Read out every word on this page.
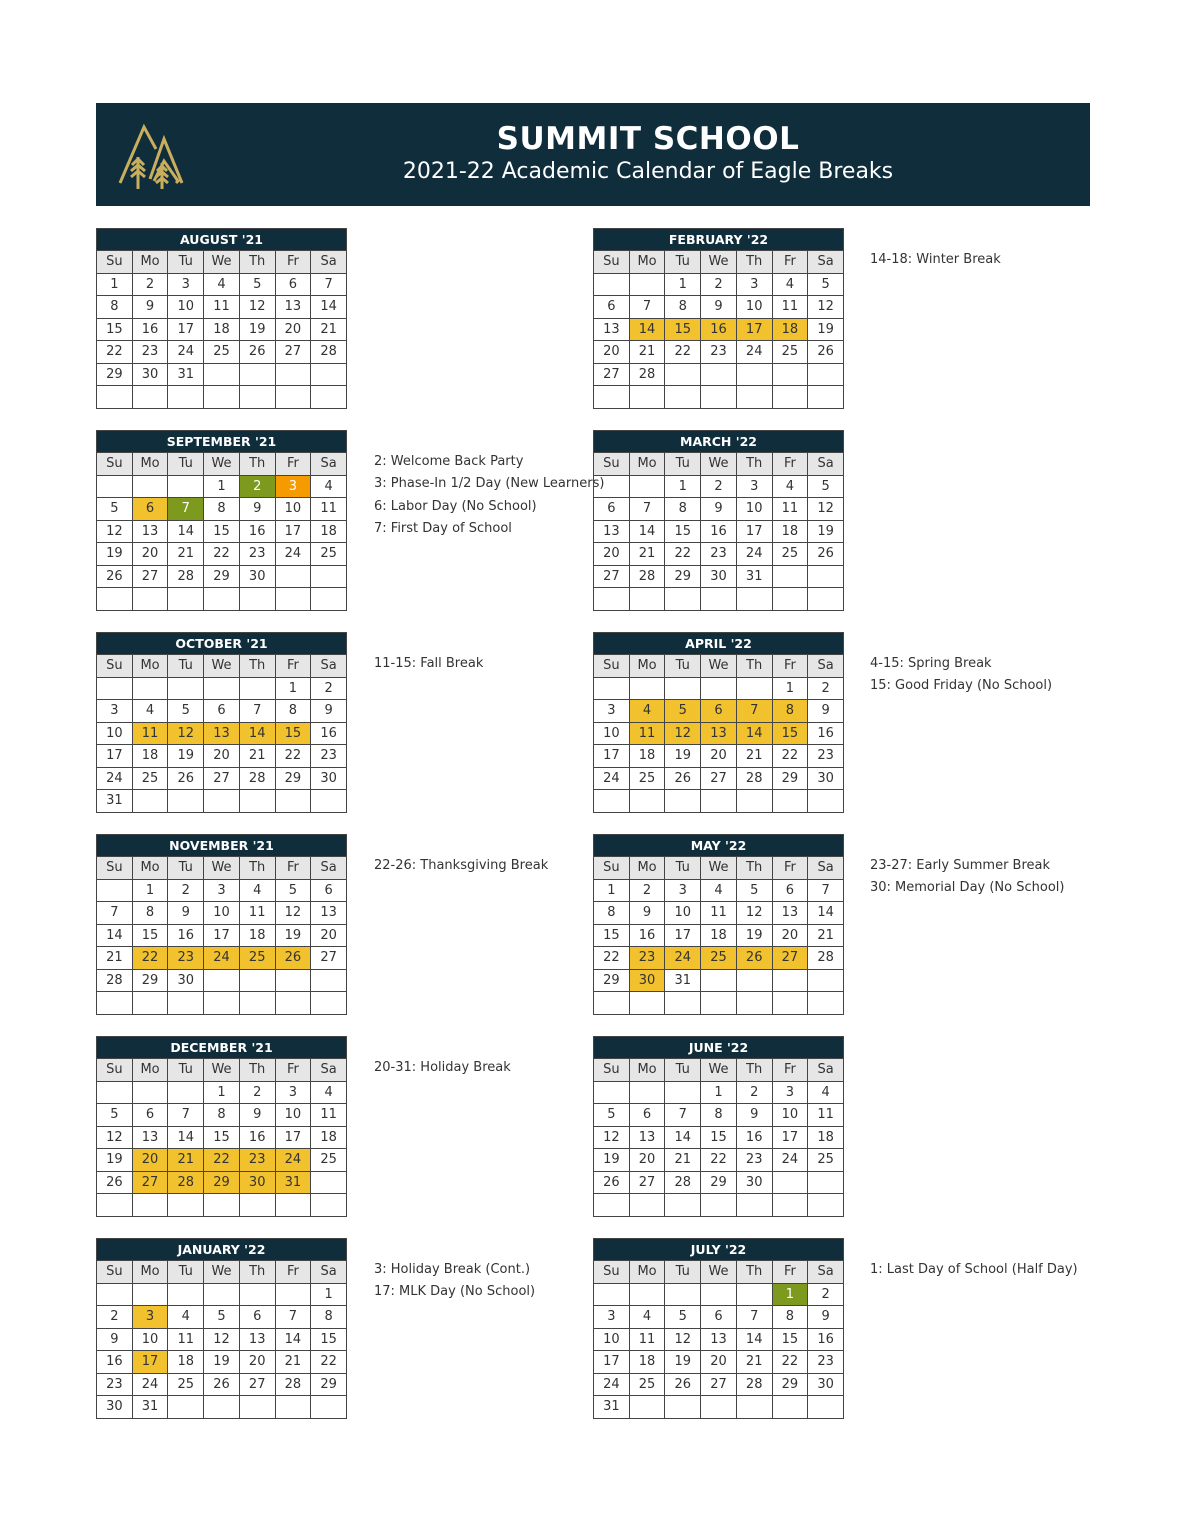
SUMMIT SCHOOL
2021-22 Academic Calendar of Eagle Breaks
AUGUST '21						
Su	Mo	Tu	We	Th	Fr	Sa
1	2	3	4	5	6	7
8	9	10	11	12	13	14
15	16	17	18	19	20	21
22	23	24	25	26	27	28
29	30	31				

FEBRUARY '22						
Su	Mo	Tu	We	Th	Fr	Sa
		1	2	3	4	5
6	7	8	9	10	11	12
13	14	15	16	17	18	19
20	21	22	23	24	25	26
27	28					

14-18: Winter Break
SEPTEMBER '21						
Su	Mo	Tu	We	Th	Fr	Sa
			1	2	3	4
5	6	7	8	9	10	11
12	13	14	15	16	17	18
19	20	21	22	23	24	25
26	27	28	29	30		

2: Welcome Back Party
3: Phase-In 1/2 Day (New Learners)
6: Labor Day (No School)
7: First Day of School
MARCH '22						
Su	Mo	Tu	We	Th	Fr	Sa
		1	2	3	4	5
6	7	8	9	10	11	12
13	14	15	16	17	18	19
20	21	22	23	24	25	26
27	28	29	30	31		

OCTOBER '21						
Su	Mo	Tu	We	Th	Fr	Sa
					1	2
3	4	5	6	7	8	9
10	11	12	13	14	15	16
17	18	19	20	21	22	23
24	25	26	27	28	29	30
31						
11-15: Fall Break
APRIL '22						
Su	Mo	Tu	We	Th	Fr	Sa
					1	2
3	4	5	6	7	8	9
10	11	12	13	14	15	16
17	18	19	20	21	22	23
24	25	26	27	28	29	30

4-15: Spring Break
15: Good Friday (No School)
NOVEMBER '21						
Su	Mo	Tu	We	Th	Fr	Sa
	1	2	3	4	5	6
7	8	9	10	11	12	13
14	15	16	17	18	19	20
21	22	23	24	25	26	27
28	29	30				

22-26: Thanksgiving Break
MAY '22						
Su	Mo	Tu	We	Th	Fr	Sa
1	2	3	4	5	6	7
8	9	10	11	12	13	14
15	16	17	18	19	20	21
22	23	24	25	26	27	28
29	30	31				

23-27: Early Summer Break
30: Memorial Day (No School)
DECEMBER '21						
Su	Mo	Tu	We	Th	Fr	Sa
			1	2	3	4
5	6	7	8	9	10	11
12	13	14	15	16	17	18
19	20	21	22	23	24	25
26	27	28	29	30	31	

20-31: Holiday Break
JUNE '22						
Su	Mo	Tu	We	Th	Fr	Sa
			1	2	3	4
5	6	7	8	9	10	11
12	13	14	15	16	17	18
19	20	21	22	23	24	25
26	27	28	29	30		

JANUARY '22						
Su	Mo	Tu	We	Th	Fr	Sa
						1
2	3	4	5	6	7	8
9	10	11	12	13	14	15
16	17	18	19	20	21	22
23	24	25	26	27	28	29
30	31					
3: Holiday Break (Cont.)
17: MLK Day (No School)
JULY '22						
Su	Mo	Tu	We	Th	Fr	Sa
					1	2
3	4	5	6	7	8	9
10	11	12	13	14	15	16
17	18	19	20	21	22	23
24	25	26	27	28	29	30
31						
1: Last Day of School (Half Day)
